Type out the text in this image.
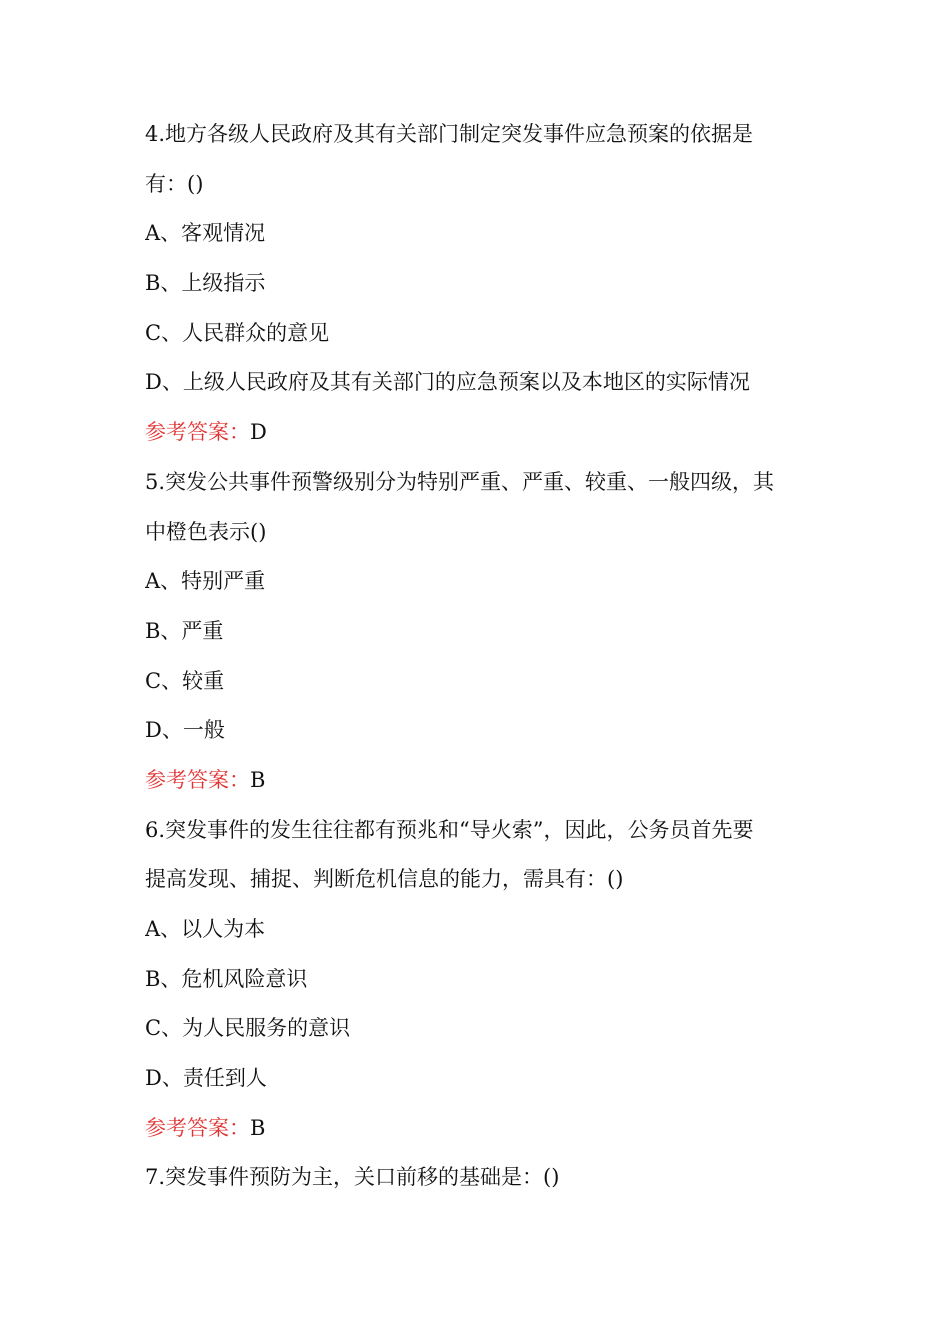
4.地方各级人民政府及其有关部门制定突发事件应急预案的依据是
有：()
A、客观情况
B、上级指示
C、人民群众的意见
D、上级人民政府及其有关部门的应急预案以及本地区的实际情况
参考答案：D
5.突发公共事件预警级别分为特别严重、严重、较重、一般四级，其
中橙色表示()
A、特别严重
B、严重
C、较重
D、一般
参考答案：B
6.突发事件的发生往往都有预兆和“导火索”，因此，公务员首先要
提高发现、捕捉、判断危机信息的能力，需具有：()
A、以人为本
B、危机风险意识
C、为人民服务的意识
D、责任到人
参考答案：B
7.突发事件预防为主，关口前移的基础是：()
